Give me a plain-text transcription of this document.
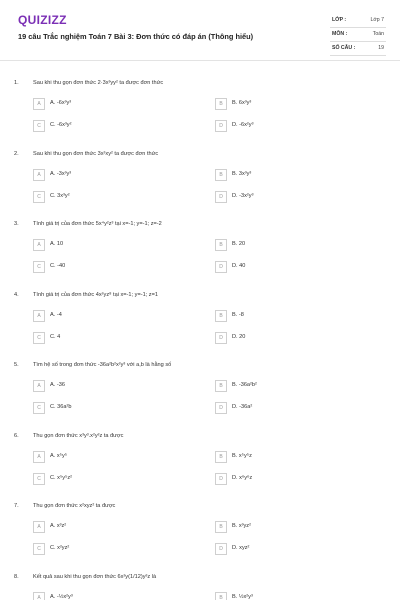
QUIZIZZ
19 câu Trắc nghiệm Toán 7 Bài 3: Đơn thức có đáp án (Thông hiểu)
LỚP :	Lớp 7
MÔN :	Toán
SỐ CÂU :	19
1.	Sau khi thu gọn đơn thức 2·3x³yy² ta được đơn thức
A	A. -6x³y³	B	B. 6x³y³
C	C. -6x³y²	D	D. -6x²y³
2.	Sau khi thu gọn đơn thức 3x²xy² ta được đơn thức
A	A. -3x³y³	B	B. 3x³y³
C	C. 3x³y²	D	D. -3x²y³
3.	Tính giá trị của đơn thức 5x⁴y²z³ tại x=-1; y=-1; z=-2
A	A. 10	B	B. 20
C	C. -40	D	D. 40
4.	Tính giá trị của đơn thức 4x²yz⁸ tại x=-1; y=-1; z=1
A	A. -4	B	B. -8
C	C. 4	D	D. 20
5.	Tìm hệ số trong đơn thức -36a²b²x²y³ với a,b là hằng số
A	A. -36	B	B. -36a²b²
C	C. 36a²b	D	D. -36a²
6.	Thu gọn đơn thức x³y³.x²y²z ta được
A	A. x⁵y⁵	B	B. x⁵y⁵z
C	C. x⁵y⁵z²	D	D. x⁶y⁶z
7.	Thu gọn đơn thức x²xyz² ta được
A	A. x³z²	B	B. x³yz²
C	C. x²yz²	D	D. xyz²
8.	Kết quả sau khi thu gọn đơn thức 6x²y(1/12)y²z là
A	A. -½x²y³	B	B. ½x²y³
